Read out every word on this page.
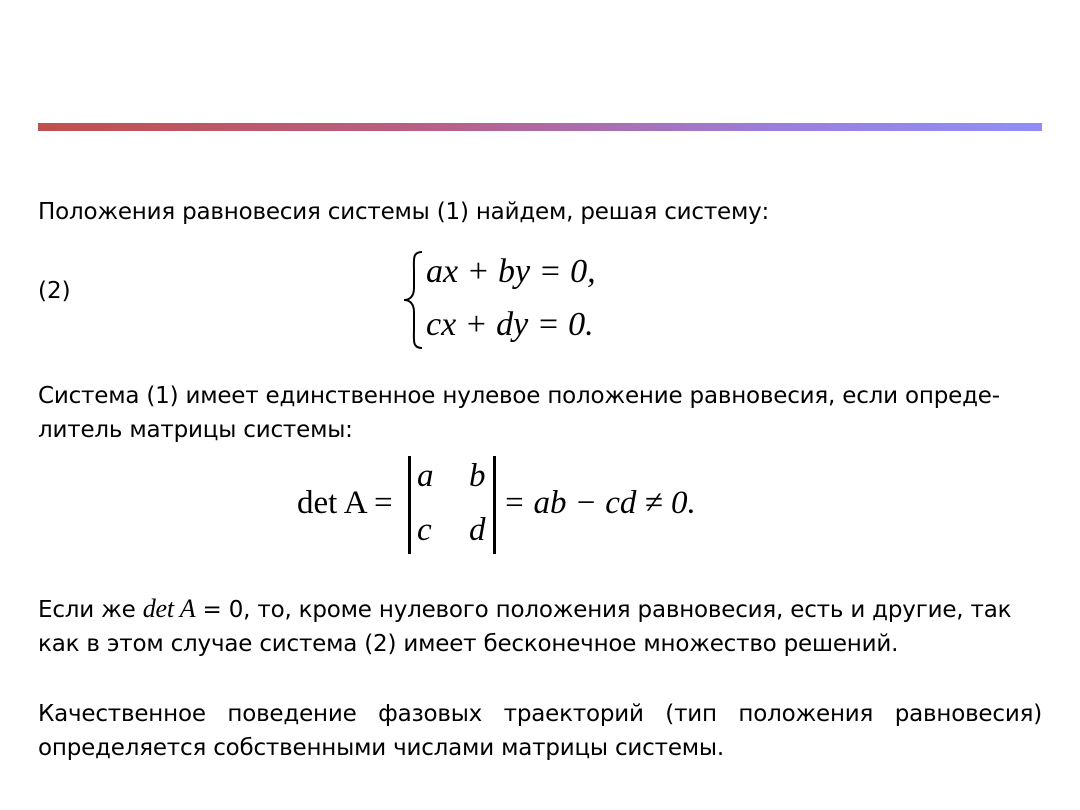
Положения равновесия системы (1) найдем, решая систему:
(2)
ax + by = 0,
cx + dy = 0.
Система (1) имеет единственное нулевое положение равновесия, если опреде-
литель матрицы системы:
det A =
a b
c d
= ab − cd ≠ 0.
Если же det A = 0, то, кроме нулевого положения равновесия, есть и другие, так как в этом случае система (2) имеет бесконечное множество решений.
Качественное поведение фазовых траекторий (тип положения равновесия) определяется собственными числами матрицы системы.
